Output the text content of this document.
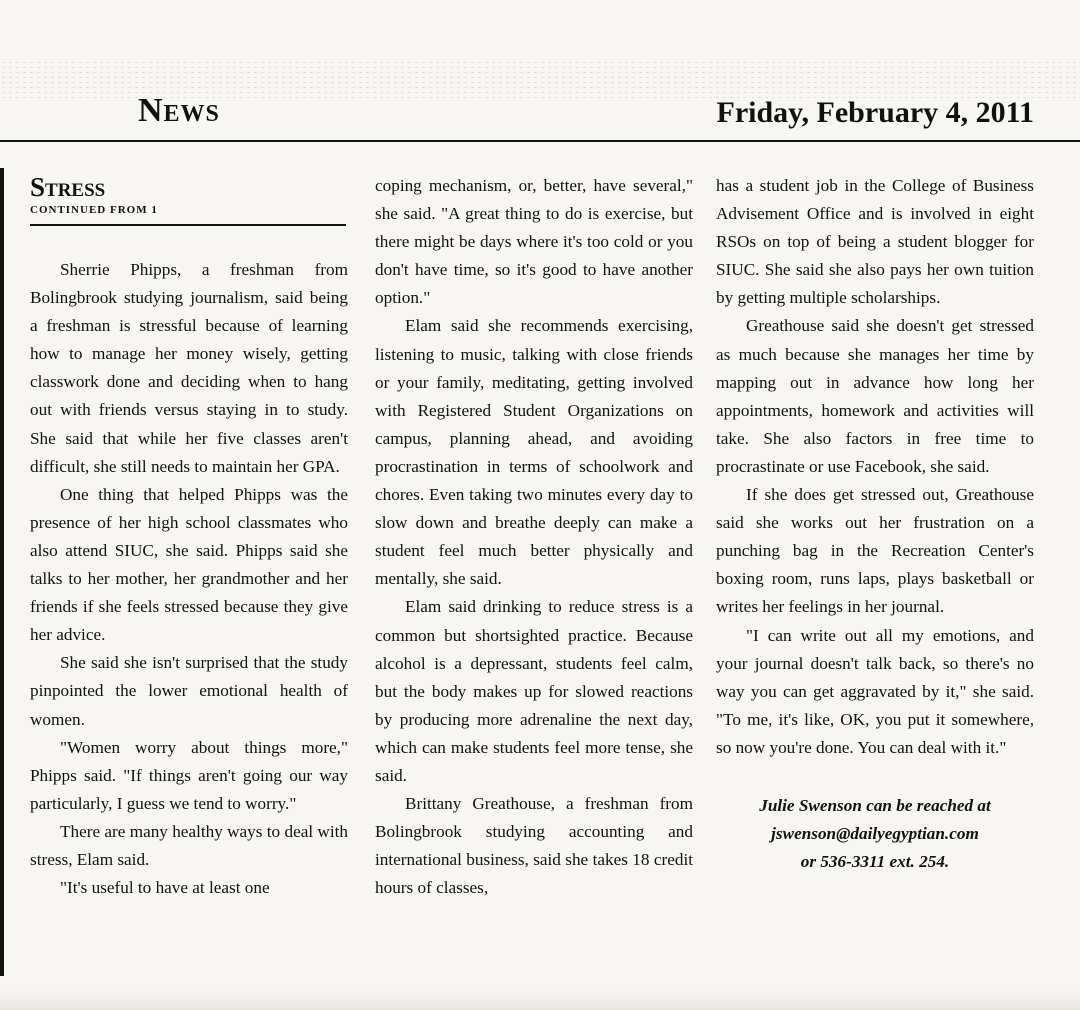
News	Friday, February 4, 2011
Stress
CONTINUED FROM 1

Sherrie Phipps, a freshman from Bolingbrook studying journalism, said being a freshman is stressful because of learning how to manage her money wisely, getting classwork done and deciding when to hang out with friends versus staying in to study. She said that while her five classes aren't difficult, she still needs to maintain her GPA.

One thing that helped Phipps was the presence of her high school classmates who also attend SIUC, she said. Phipps said she talks to her mother, her grandmother and her friends if she feels stressed because they give her advice.

She said she isn't surprised that the study pinpointed the lower emotional health of women.

"Women worry about things more," Phipps said. "If things aren't going our way particularly, I guess we tend to worry."

There are many healthy ways to deal with stress, Elam said.

"It's useful to have at least one

coping mechanism, or, better, have several," she said. "A great thing to do is exercise, but there might be days where it's too cold or you don't have time, so it's good to have another option."

Elam said she recommends exercising, listening to music, talking with close friends or your family, meditating, getting involved with Registered Student Organizations on campus, planning ahead, and avoiding procrastination in terms of schoolwork and chores. Even taking two minutes every day to slow down and breathe deeply can make a student feel much better physically and mentally, she said.

Elam said drinking to reduce stress is a common but shortsighted practice. Because alcohol is a depressant, students feel calm, but the body makes up for slowed reactions by producing more adrenaline the next day, which can make students feel more tense, she said.

Brittany Greathouse, a freshman from Bolingbrook studying accounting and international business, said she takes 18 credit hours of classes,

has a student job in the College of Business Advisement Office and is involved in eight RSOs on top of being a student blogger for SIUC. She said she also pays her own tuition by getting multiple scholarships.

Greathouse said she doesn't get stressed as much because she manages her time by mapping out in advance how long her appointments, homework and activities will take. She also factors in free time to procrastinate or use Facebook, she said.

If she does get stressed out, Greathouse said she works out her frustration on a punching bag in the Recreation Center's boxing room, runs laps, plays basketball or writes her feelings in her journal.

"I can write out all my emotions, and your journal doesn't talk back, so there's no way you can get aggravated by it," she said. "To me, it's like, OK, you put it somewhere, so now you're done. You can deal with it."

Julie Swenson can be reached at
jswenson@dailyegyptian.com
or 536-3311 ext. 254.
